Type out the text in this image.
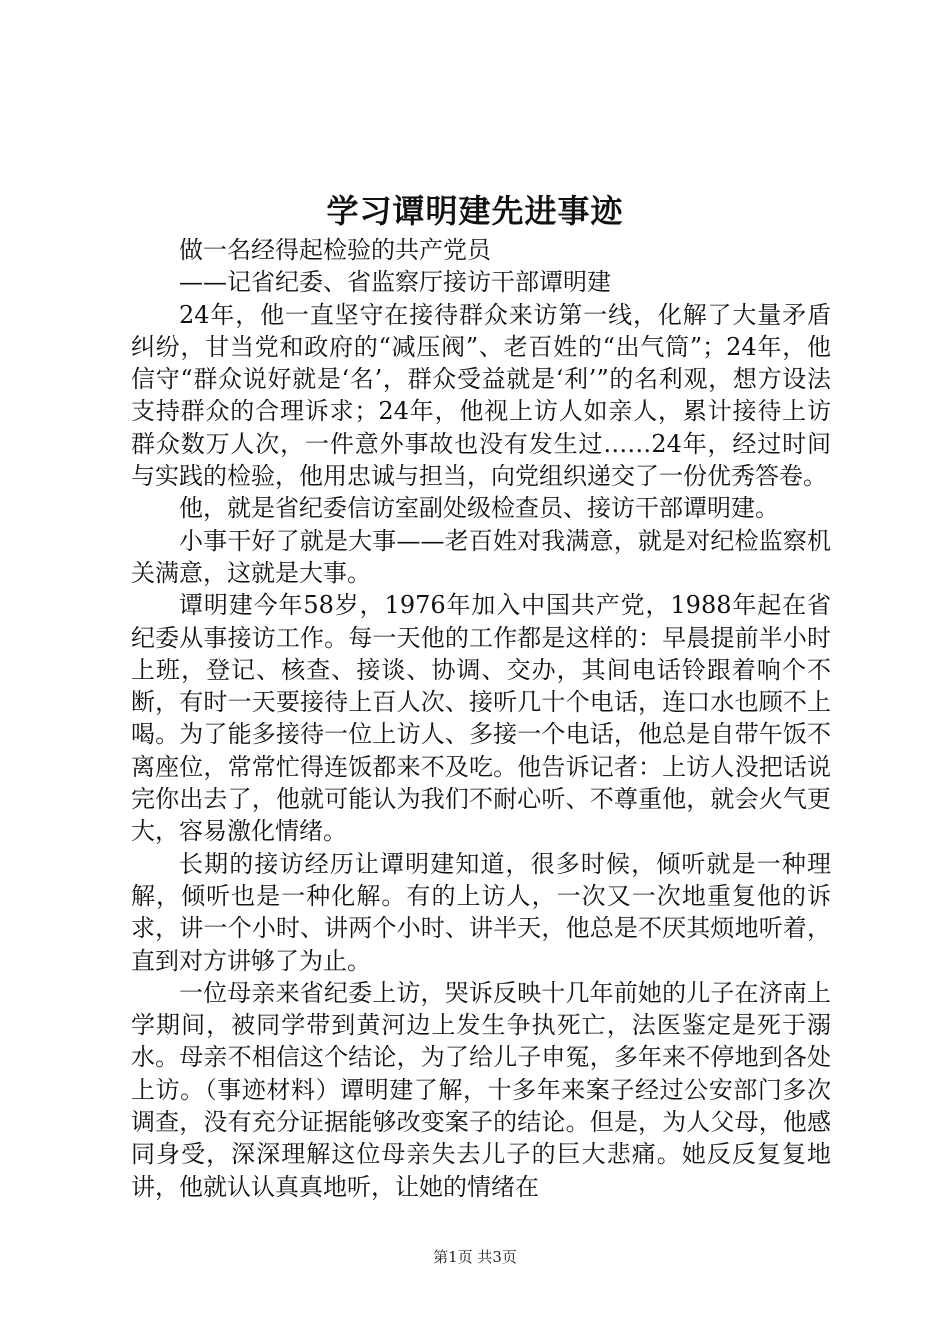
学习谭明建先进事迹

做一名经得起检验的共产党员

——记省纪委、省监察厅接访干部谭明建

24年，他一直坚守在接待群众来访第一线，化解了大量矛盾纠纷，甘当党和政府的“减压阀”、老百姓的“出气筒”；24年，他信守“群众说好就是‘名’，群众受益就是‘利’”的名利观，想方设法支持群众的合理诉求；24年，他视上访人如亲人，累计接待上访群众数万人次，一件意外事故也没有发生过……24年，经过时间与实践的检验，他用忠诚与担当，向党组织递交了一份优秀答卷。

他，就是省纪委信访室副处级检查员、接访干部谭明建。

小事干好了就是大事——老百姓对我满意，就是对纪检监察机关满意，这就是大事。

谭明建今年58岁，1976年加入中国共产党，1988年起在省纪委从事接访工作。每一天他的工作都是这样的：早晨提前半小时上班，登记、核查、接谈、协调、交办，其间电话铃跟着响个不断，有时一天要接待上百人次、接听几十个电话，连口水也顾不上喝。为了能多接待一位上访人、多接一个电话，他总是自带午饭不离座位，常常忙得连饭都来不及吃。他告诉记者：上访人没把话说完你出去了，他就可能认为我们不耐心听、不尊重他，就会火气更大，容易激化情绪。

长期的接访经历让谭明建知道，很多时候，倾听就是一种理解，倾听也是一种化解。有的上访人，一次又一次地重复他的诉求，讲一个小时、讲两个小时、讲半天，他总是不厌其烦地听着，直到对方讲够了为止。

一位母亲来省纪委上访，哭诉反映十几年前她的儿子在济南上学期间，被同学带到黄河边上发生争执死亡，法医鉴定是死于溺水。母亲不相信这个结论，为了给儿子申冤，多年来不停地到各处上访。（事迹材料）谭明建了解，十多年来案子经过公安部门多次调查，没有充分证据能够改变案子的结论。但是，为人父母，他感同身受，深深理解这位母亲失去儿子的巨大悲痛。她反反复复地讲，他就认认真真地听，让她的情绪在

第1页 共3页
